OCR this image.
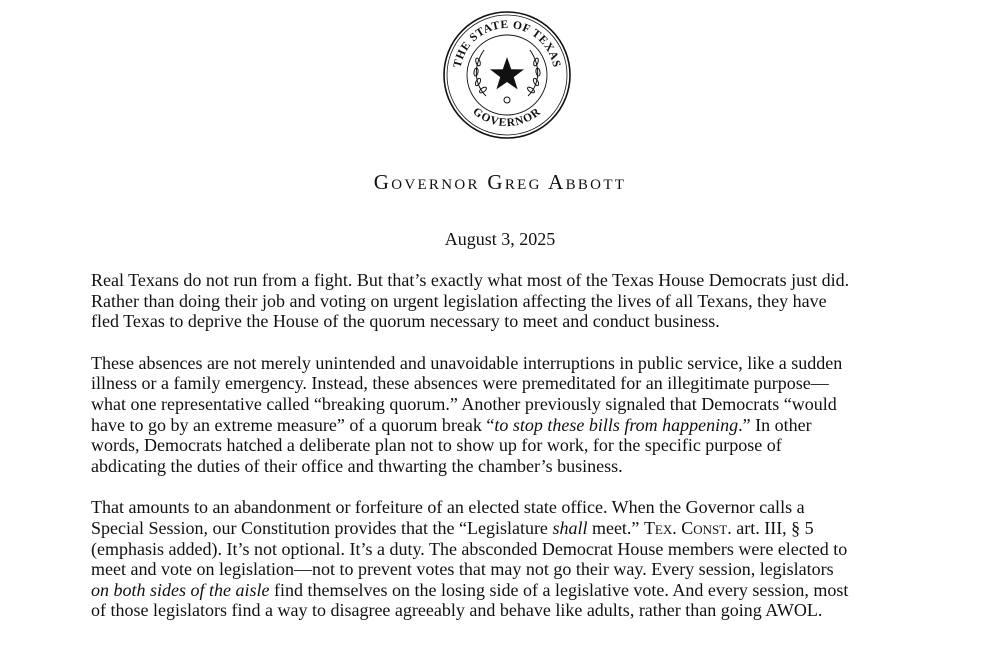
THE STATE OF TEXAS
GOVERNOR
Governor Greg Abbott
August 3, 2025
Real Texans do not run from a fight. But that’s exactly what most of the Texas House Democrats just did.
Rather than doing their job and voting on urgent legislation affecting the lives of all Texans, they have
fled Texas to deprive the House of the quorum necessary to meet and conduct business.
These absences are not merely unintended and unavoidable interruptions in public service, like a sudden
illness or a family emergency. Instead, these absences were premeditated for an illegitimate purpose—
what one representative called “breaking quorum.” Another previously signaled that Democrats “would
have to go by an extreme measure” of a quorum break “to stop these bills from happening.” In other
words, Democrats hatched a deliberate plan not to show up for work, for the specific purpose of
abdicating the duties of their office and thwarting the chamber’s business.
That amounts to an abandonment or forfeiture of an elected state office. When the Governor calls a
Special Session, our Constitution provides that the “Legislature shall meet.” Tex. Const. art. III, § 5
(emphasis added). It’s not optional. It’s a duty. The absconded Democrat House members were elected to
meet and vote on legislation—not to prevent votes that may not go their way. Every session, legislators
on both sides of the aisle find themselves on the losing side of a legislative vote. And every session, most
of those legislators find a way to disagree agreeably and behave like adults, rather than going AWOL.
